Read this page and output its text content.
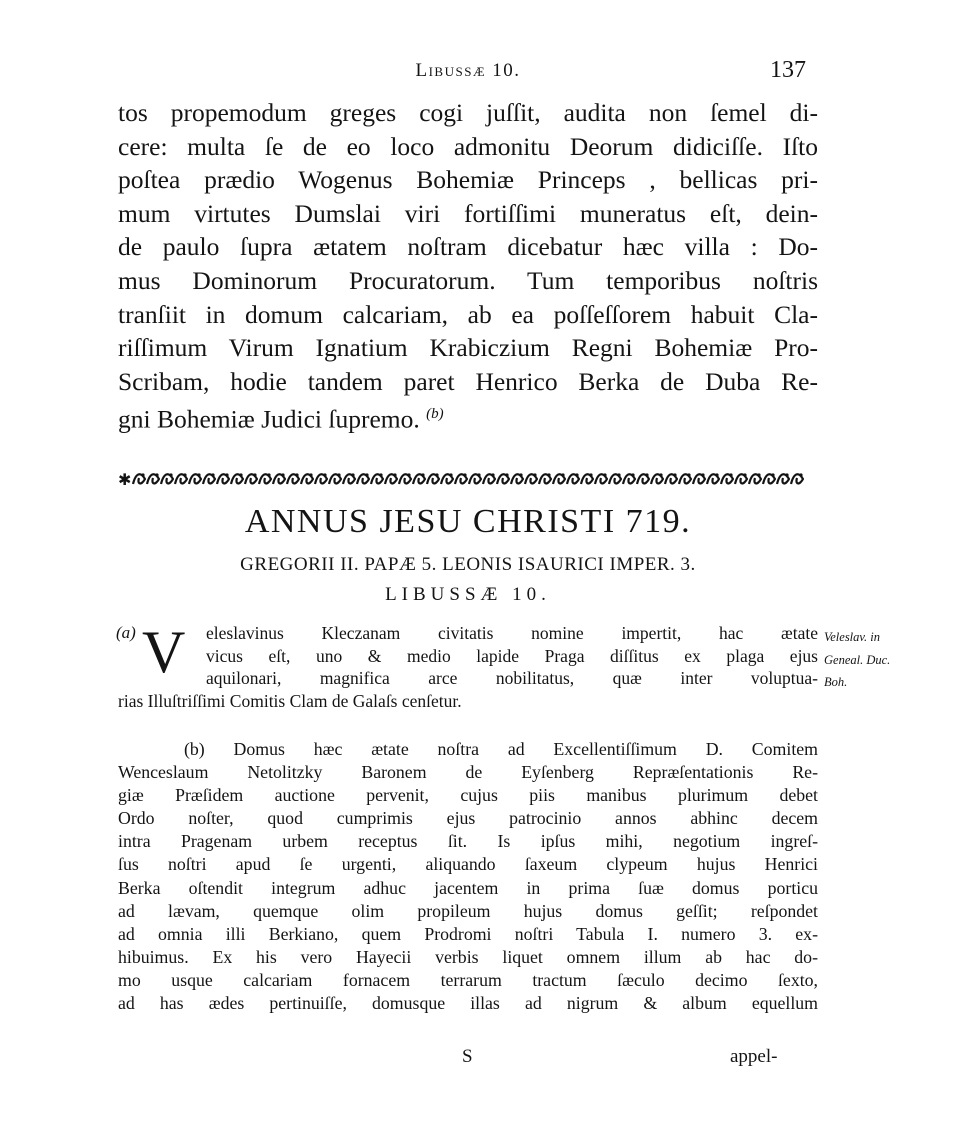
Libussæ 10.	137
tos propemodum greges cogi juſſit, audita non ſemel di-
cere: multa ſe de eo loco admonitu Deorum didiciſſe. Iſto
poſtea prædio Wogenus Bohemiæ Princeps , bellicas pri-
mum virtutes Dumslai viri fortiſſimi muneratus eſt, dein-
de paulo ſupra ætatem noſtram dicebatur hæc villa : Do-
mus Dominorum Procuratorum. Tum temporibus noſtris
tranſiit in domum calcariam, ab ea poſſeſſorem habuit Cla-
riſſimum Virum Ignatium Krabiczium Regni Bohemiæ Pro-
Scribam, hodie tandem paret Henrico Berka de Duba Re-
gni Bohemiæ Judici ſupremo. $^{(b)}$
✱
ANNUS JESU CHRISTI 719.
GREGORII II. PAPÆ 5. LEONIS ISAURICI IMPER. 3.
LIBUSSÆ 10.
(a) V	eleslavinus Kleczanam civitatis nomine impertit, hac ætate
vicus eſt, uno & medio lapide Praga diſſitus ex plaga ejus
aquilonari, magnifica arce nobilitatus, quæ inter voluptua-
rias Illuſtriſſimi Comitis Clam de Galaſs cenſetur.
Veleslav. in
Geneal. Duc.
Boh.
(b) Domus hæc ætate noſtra ad Excellentiſſimum D. Comitem
Wenceslaum Netolitzky Baronem de Eyſenberg Repræſentationis Re-
giæ Præſidem auctione pervenit, cujus piis manibus plurimum debet
Ordo noſter, quod cumprimis ejus patrocinio annos abhinc decem
intra Pragenam urbem receptus ſit. Is ipſus mihi, negotium ingreſ-
ſus noſtri apud ſe urgenti, aliquando ſaxeum clypeum hujus Henrici
Berka oſtendit integrum adhuc jacentem in prima ſuæ domus porticu
ad lævam, quemque olim propileum hujus domus geſſit; reſpondet
ad omnia illi Berkiano, quem Prodromi noſtri Tabula I. numero 3. ex-
hibuimus. Ex his vero Hayecii verbis liquet omnem illum ab hac do-
mo usque calcariam fornacem terrarum tractum ſæculo decimo ſexto,
ad has ædes pertinuiſſe, domusque illas ad nigrum & album equellum
S	appel-
